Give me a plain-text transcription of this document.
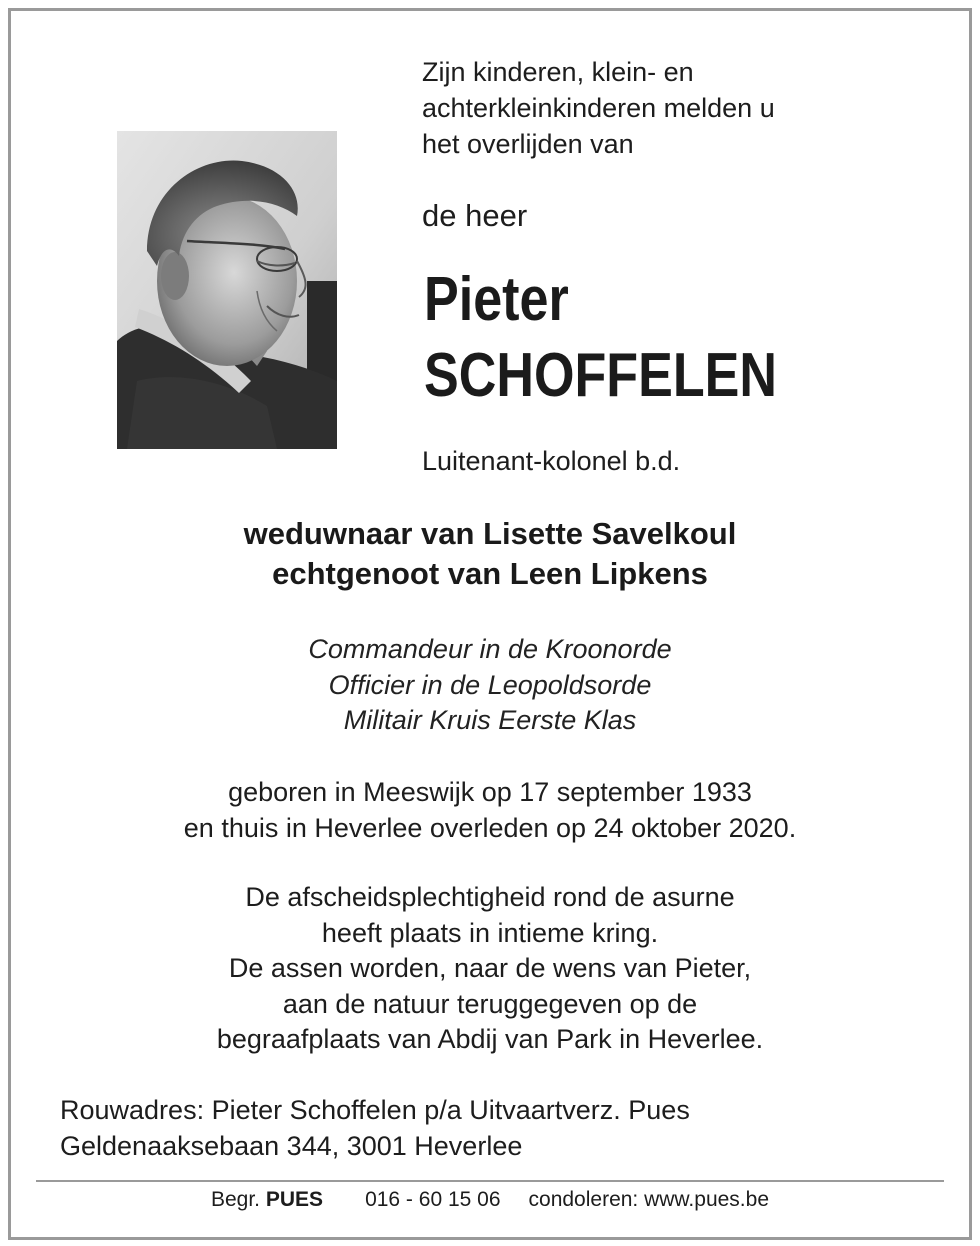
Zijn kinderen, klein- en
achterkleinkinderen melden u
het overlijden van

de heer

Pieter
SCHOFFELEN

Luitenant-kolonel b.d.

weduwnaar van Lisette Savelkoul
echtgenoot van Leen Lipkens

Commandeur in de Kroonorde
Officier in de Leopoldsorde
Militair Kruis Eerste Klas

geboren in Meeswijk op 17 september 1933
en thuis in Heverlee overleden op 24 oktober 2020.

De afscheidsplechtigheid rond de asurne
heeft plaats in intieme kring.
De assen worden, naar de wens van Pieter,
aan de natuur teruggegeven op de
begraafplaats van Abdij van Park in Heverlee.

Rouwadres: Pieter Schoffelen p/a Uitvaartverz. Pues
Geldenaaksebaan 344, 3001 Heverlee

Begr. PUES 016 - 60 15 06 condoleren: www.pues.be
